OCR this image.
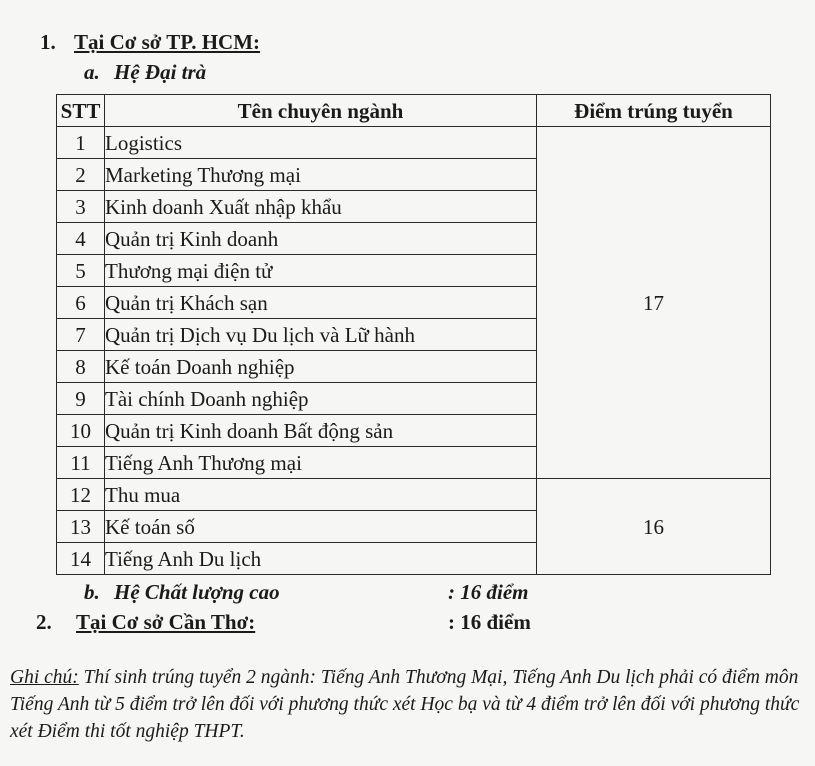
1. Tại Cơ sở TP. HCM:
a. Hệ Đại trà
STT	Tên chuyên ngành	Điểm trúng tuyển
1	Logistics	17
2	Marketing Thương mại	
3	Kinh doanh Xuất nhập khẩu	
4	Quản trị Kinh doanh	
5	Thương mại điện tử	
6	Quản trị Khách sạn	
7	Quản trị Dịch vụ Du lịch và Lữ hành	
8	Kế toán Doanh nghiệp	
9	Tài chính Doanh nghiệp	
10	Quản trị Kinh doanh Bất động sản	
11	Tiếng Anh Thương mại	
12	Thu mua	16
13	Kế toán số	
14	Tiếng Anh Du lịch	
b. Hệ Chất lượng cao	: 16 điểm
2. Tại Cơ sở Cần Thơ:	: 16 điểm
Ghi chú: Thí sinh trúng tuyển 2 ngành: Tiếng Anh Thương Mại, Tiếng Anh Du lịch phải có điểm môn Tiếng Anh từ 5 điểm trở lên đối với phương thức xét Học bạ và từ 4 điểm trở lên đối với phương thức xét Điểm thi tốt nghiệp THPT.
